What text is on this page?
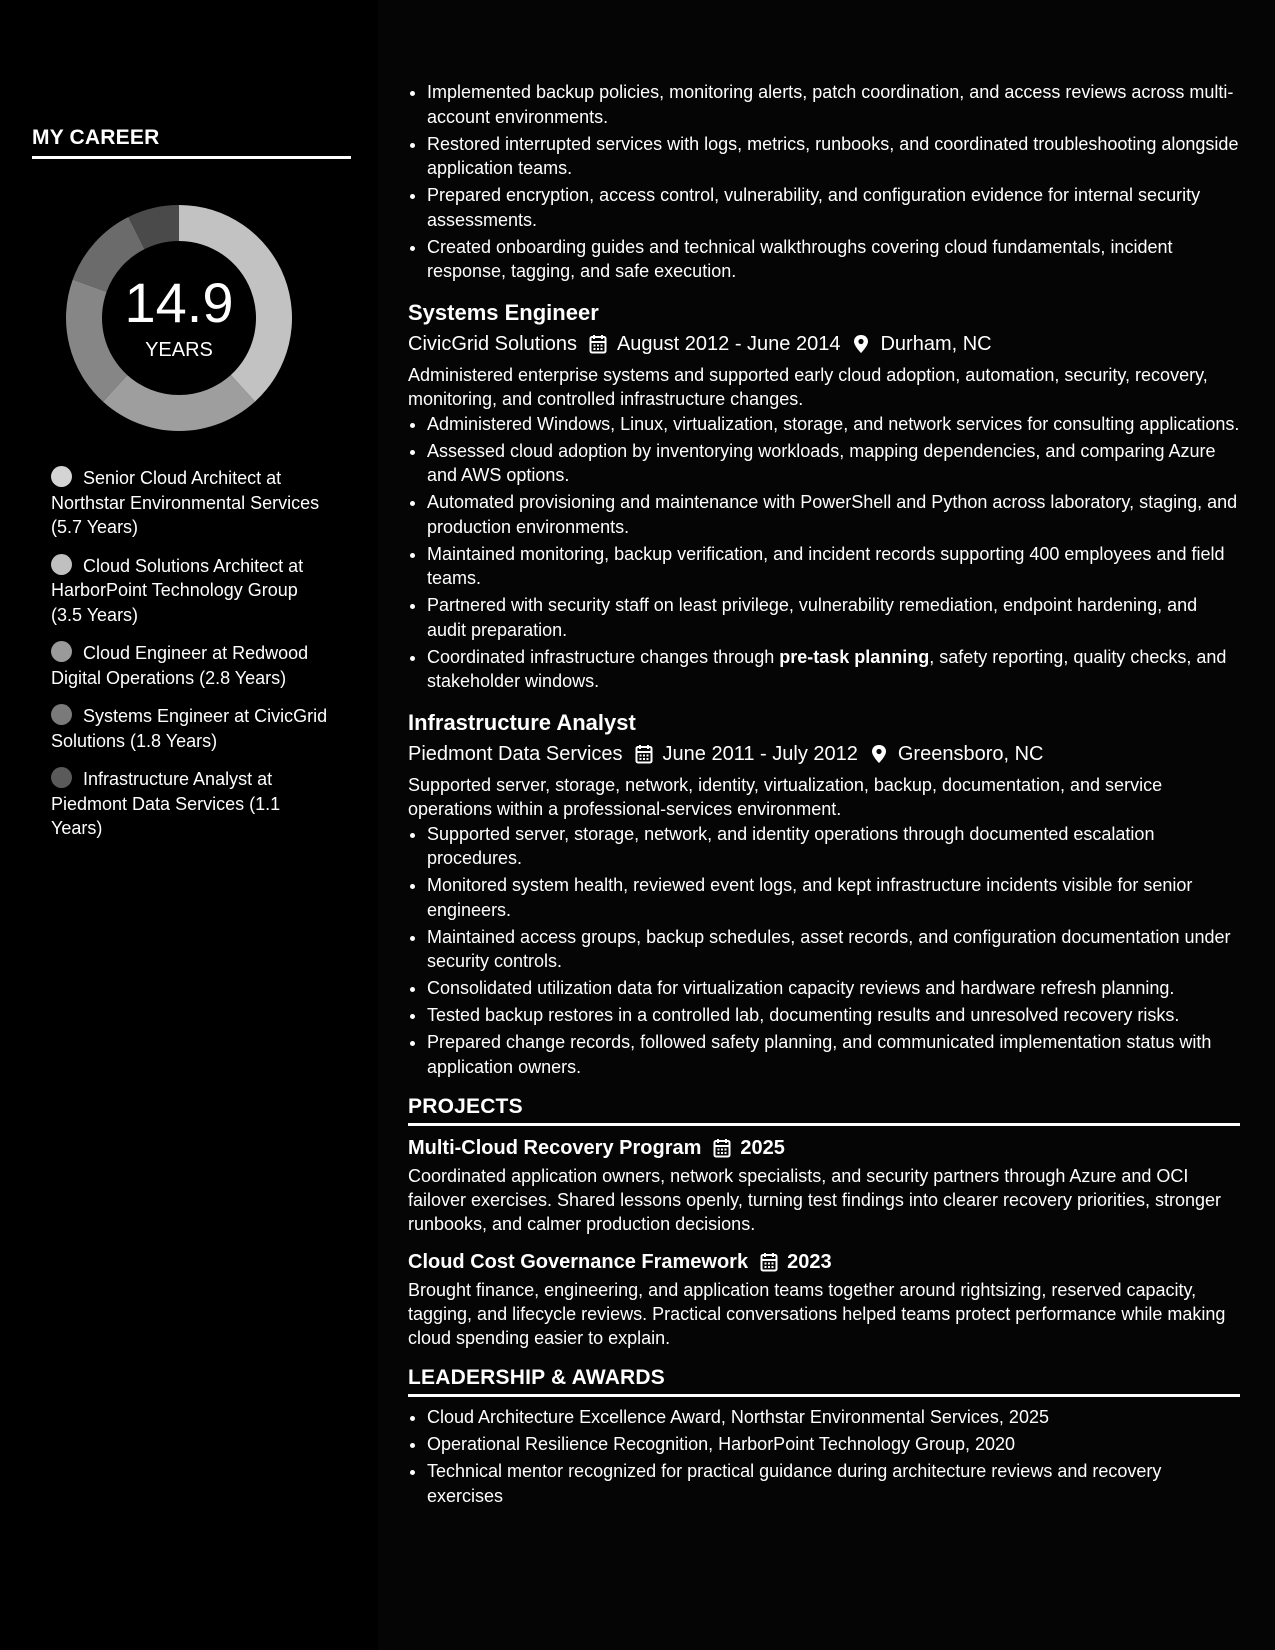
MY CAREER
14.9
YEARS
Senior Cloud Architect at Northstar Environmental Services (5.7 Years)
Cloud Solutions Architect at HarborPoint Technology Group (3.5 Years)
Cloud Engineer at Redwood Digital Operations (2.8 Years)
Systems Engineer at CivicGrid Solutions (1.8 Years)
Infrastructure Analyst at Piedmont Data Services (1.1 Years)
• Implemented backup policies, monitoring alerts, patch coordination, and access reviews across multi-account environments.
• Restored interrupted services with logs, metrics, runbooks, and coordinated troubleshooting alongside application teams.
• Prepared encryption, access control, vulnerability, and configuration evidence for internal security assessments.
• Created onboarding guides and technical walkthroughs covering cloud fundamentals, incident response, tagging, and safe execution.
Systems Engineer
CivicGrid Solutions August 2012 - June 2014 Durham, NC

Administered enterprise systems and supported early cloud adoption, automation, security, recovery, monitoring, and controlled infrastructure changes.

• Administered Windows, Linux, virtualization, storage, and network services for consulting applications.
• Assessed cloud adoption by inventorying workloads, mapping dependencies, and comparing Azure and AWS options.
• Automated provisioning and maintenance with PowerShell and Python across laboratory, staging, and production environments.
• Maintained monitoring, backup verification, and incident records supporting 400 employees and field teams.
• Partnered with security staff on least privilege, vulnerability remediation, endpoint hardening, and audit preparation.
• Coordinated infrastructure changes through pre-task planning, safety reporting, quality checks, and stakeholder windows.
Infrastructure Analyst
Piedmont Data Services June 2011 - July 2012 Greensboro, NC

Supported server, storage, network, identity, virtualization, backup, documentation, and service operations within a professional-services environment.

• Supported server, storage, network, and identity operations through documented escalation procedures.
• Monitored system health, reviewed event logs, and kept infrastructure incidents visible for senior engineers.
• Maintained access groups, backup schedules, asset records, and configuration documentation under security controls.
• Consolidated utilization data for virtualization capacity reviews and hardware refresh planning.
• Tested backup restores in a controlled lab, documenting results and unresolved recovery risks.
• Prepared change records, followed safety planning, and communicated implementation status with application owners.
PROJECTS
Multi-Cloud Recovery Program 2025

Coordinated application owners, network specialists, and security partners through Azure and OCI failover exercises. Shared lessons openly, turning test findings into clearer recovery priorities, stronger runbooks, and calmer production decisions.

Cloud Cost Governance Framework 2023

Brought finance, engineering, and application teams together around rightsizing, reserved capacity, tagging, and lifecycle reviews. Practical conversations helped teams protect performance while making cloud spending easier to explain.

LEADERSHIP & AWARDS
• Cloud Architecture Excellence Award, Northstar Environmental Services, 2025
• Operational Resilience Recognition, HarborPoint Technology Group, 2020
• Technical mentor recognized for practical guidance during architecture reviews and recovery exercises
